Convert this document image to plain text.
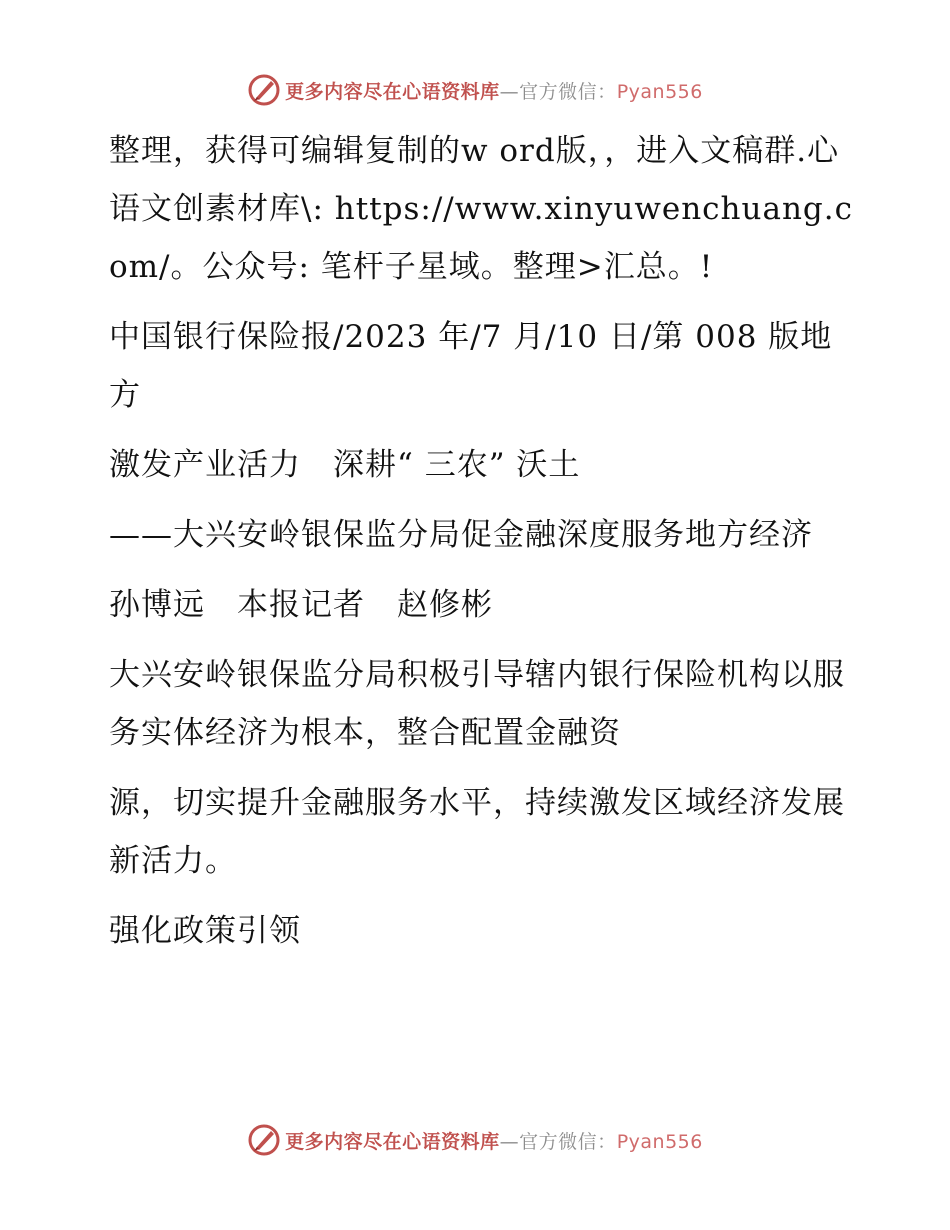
更多内容尽在心语资料库—官方微信：Pyan556

整理，获得可编辑复制的w ord版，，进入文稿群.心语文创素材库\: https://www.xinyuwenchuang.com/。公众号: 笔杆子星域。整理>汇总。!

中国银行保险报/2023 年/7 月/10 日/第 008 版地方

激发产业活力　深耕“ 三农” 沃土

——大兴安岭银保监分局促金融深度服务地方经济

孙博远　本报记者　赵修彬

大兴安岭银保监分局积极引导辖内银行保险机构以服务实体经济为根本，整合配置金融资

源，切实提升金融服务水平，持续激发区域经济发展新活力。

强化政策引领

更多内容尽在心语资料库—官方微信：Pyan556
